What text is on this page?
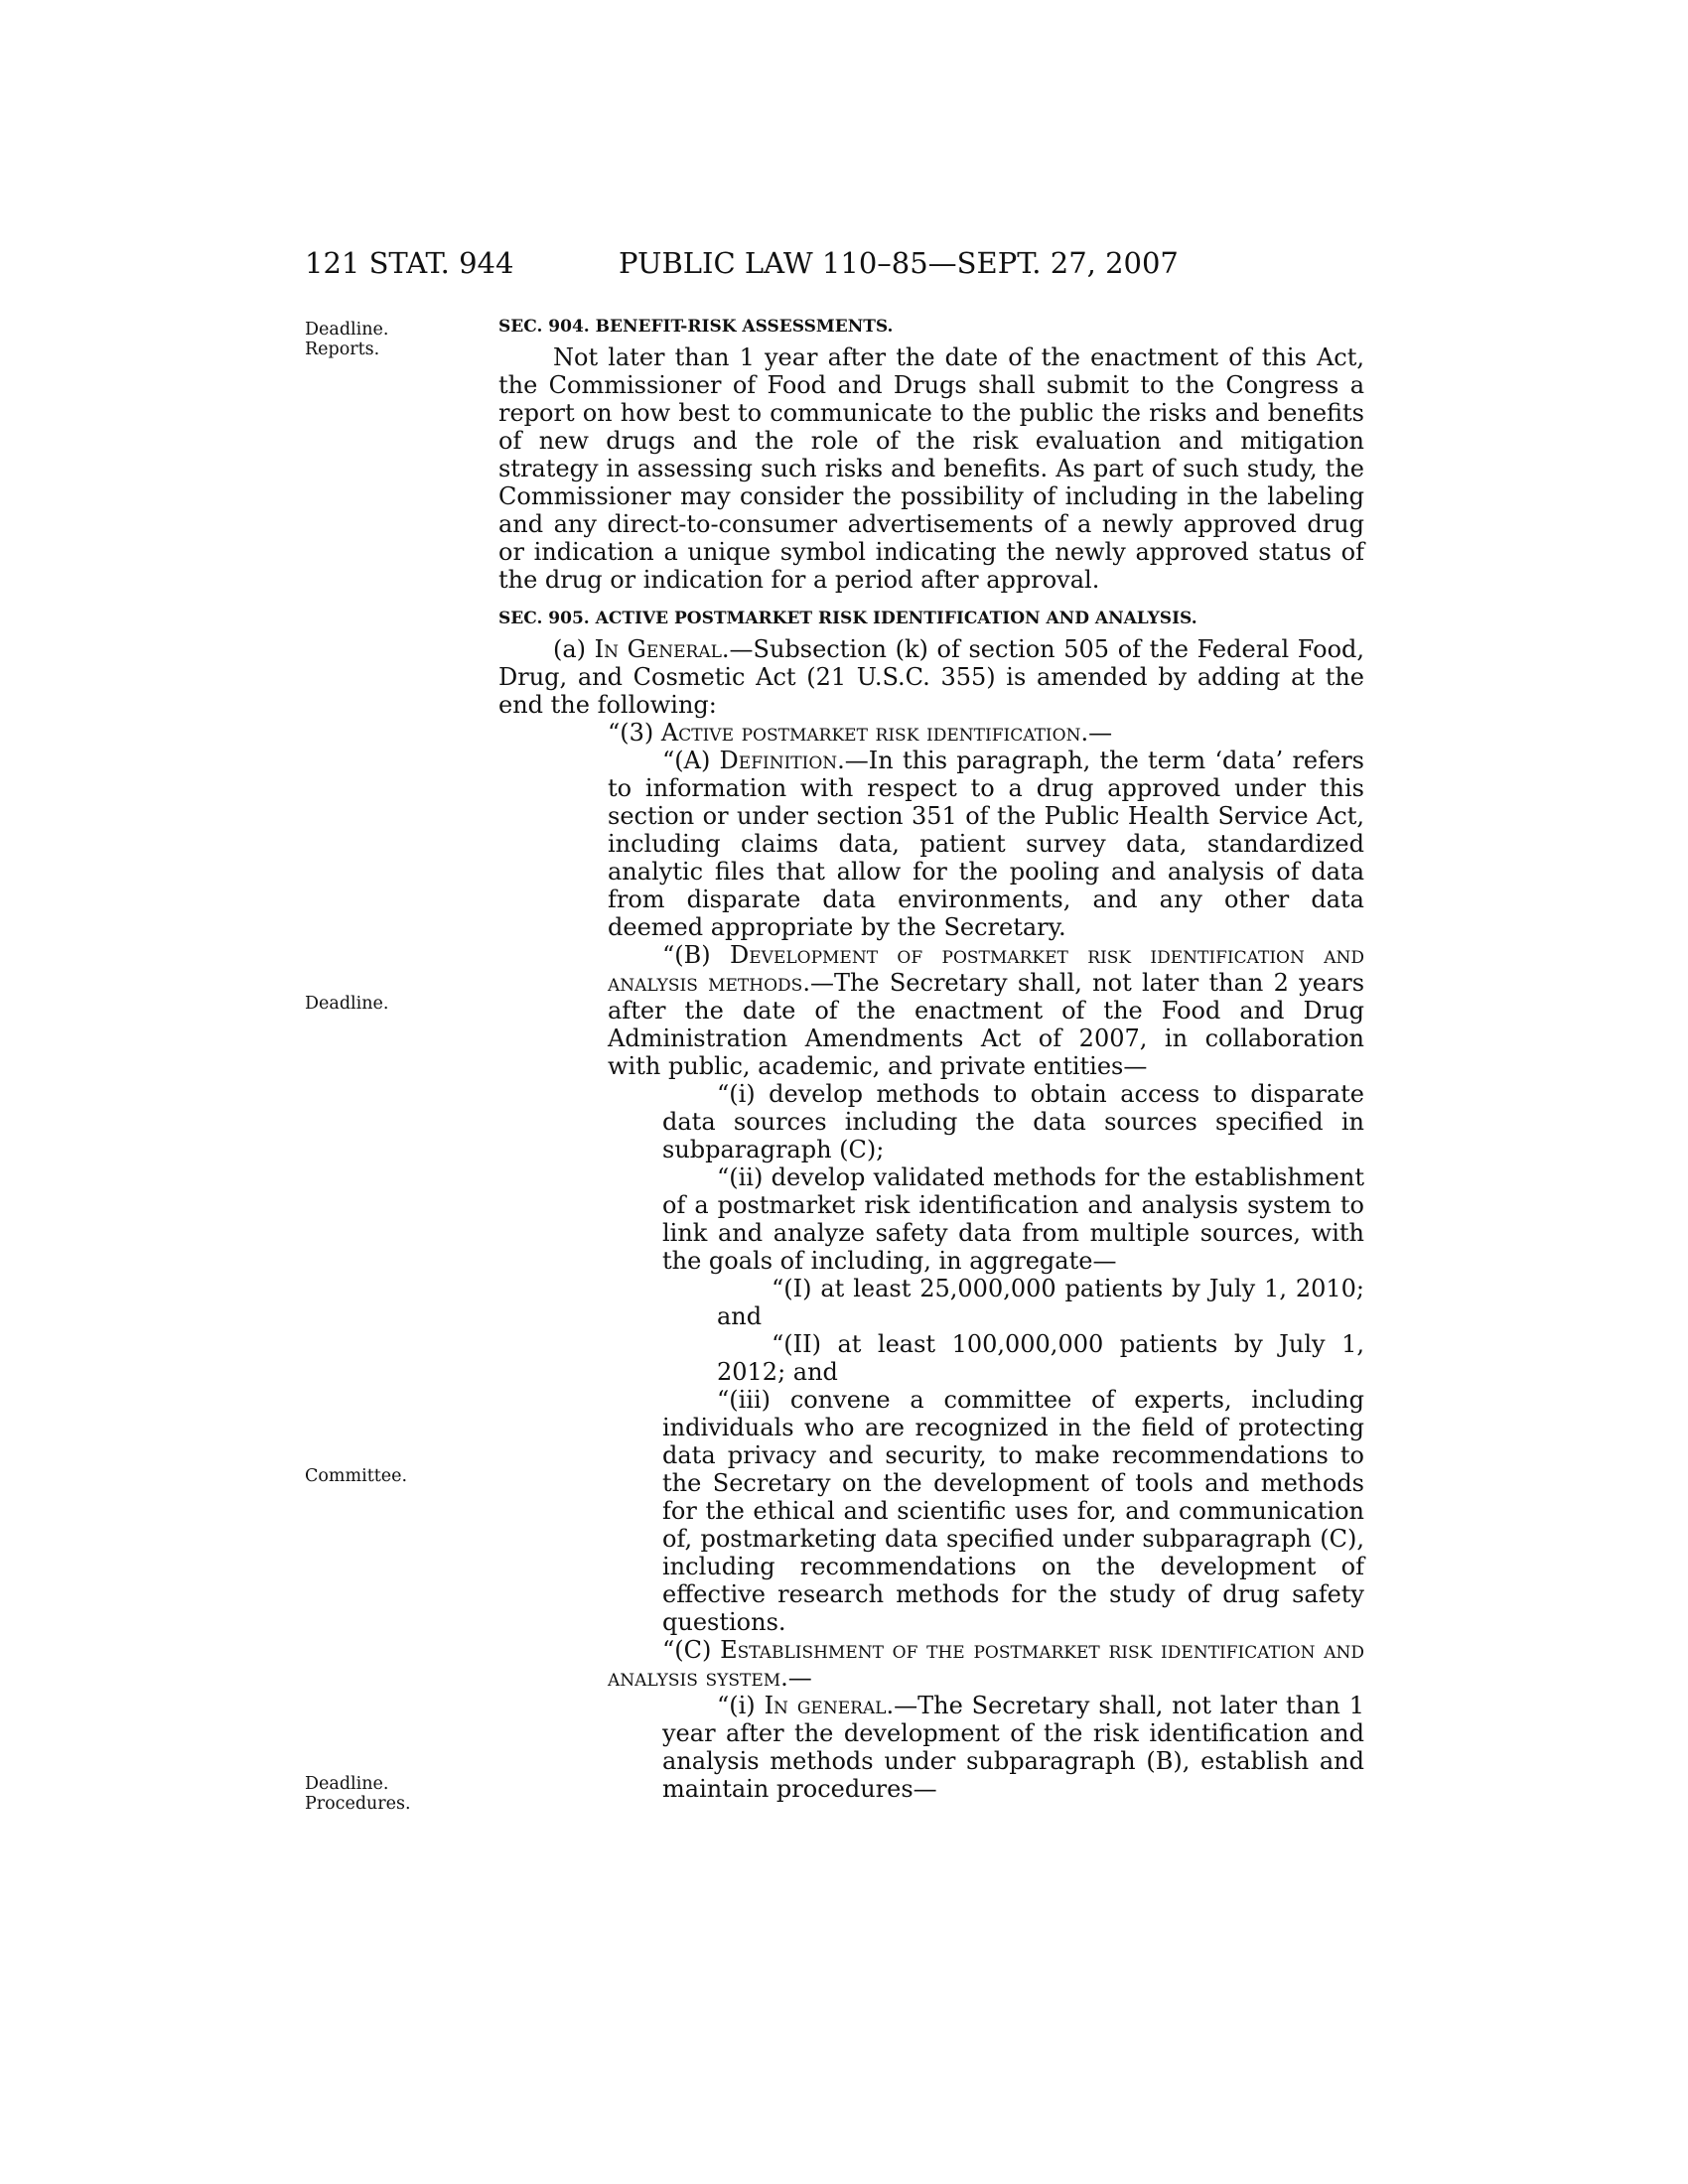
121 STAT. 944	PUBLIC LAW 110–85—SEPT. 27, 2007
Deadline.
Reports.
Deadline.
Committee.
Deadline.
Procedures.
SEC. 904. BENEFIT-RISK ASSESSMENTS.

Not later than 1 year after the date of the enactment of this Act, the Commissioner of Food and Drugs shall submit to the Congress a report on how best to communicate to the public the risks and benefits of new drugs and the role of the risk evaluation and mitigation strategy in assessing such risks and benefits. As part of such study, the Commissioner may consider the possibility of including in the labeling and any direct-to-consumer advertisements of a newly approved drug or indication a unique symbol indicating the newly approved status of the drug or indication for a period after approval.

SEC. 905. ACTIVE POSTMARKET RISK IDENTIFICATION AND ANALYSIS.

(a) In General.—Subsection (k) of section 505 of the Federal Food, Drug, and Cosmetic Act (21 U.S.C. 355) is amended by adding at the end the following:

“(3) Active postmarket risk identification.—

“(A) Definition.—In this paragraph, the term ‘data’ refers to information with respect to a drug approved under this section or under section 351 of the Public Health Service Act, including claims data, patient survey data, standardized analytic files that allow for the pooling and analysis of data from disparate data environments, and any other data deemed appropriate by the Secretary.

“(B) Development of postmarket risk identification and analysis methods.—The Secretary shall, not later than 2 years after the date of the enactment of the Food and Drug Administration Amendments Act of 2007, in collaboration with public, academic, and private entities—

“(i) develop methods to obtain access to disparate data sources including the data sources specified in subparagraph (C);

“(ii) develop validated methods for the establishment of a postmarket risk identification and analysis system to link and analyze safety data from multiple sources, with the goals of including, in aggregate—

“(I) at least 25,000,000 patients by July 1, 2010; and

“(II) at least 100,000,000 patients by July 1, 2012; and

“(iii) convene a committee of experts, including individuals who are recognized in the field of protecting data privacy and security, to make recommendations to the Secretary on the development of tools and methods for the ethical and scientific uses for, and communication of, postmarketing data specified under subparagraph (C), including recommendations on the development of effective research methods for the study of drug safety questions.

“(C) Establishment of the postmarket risk identification and analysis system.—

“(i) In general.—The Secretary shall, not later than 1 year after the development of the risk identification and analysis methods under subparagraph (B), establish and maintain procedures—
